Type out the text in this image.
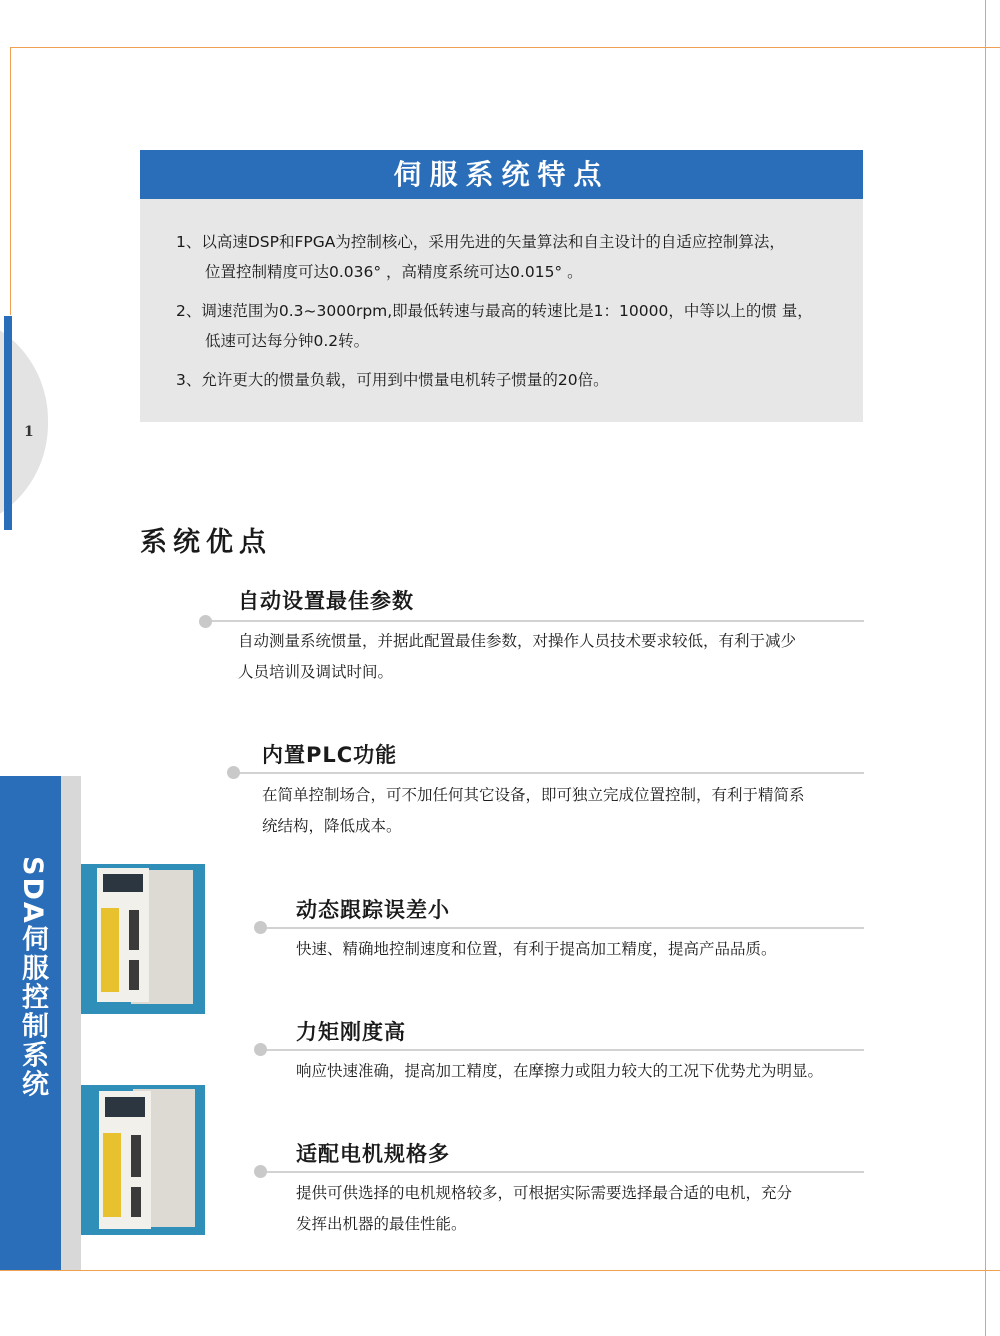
1
SDA伺服控制系统
伺服系统特点
1、以高速DSP和FPGA为控制核心，采用先进的矢量算法和自主设计的自适应控制算法，
位置控制精度可达0.036° ，高精度系统可达0.015° 。
2、调速范围为0.3~3000rpm,即最低转速与最高的转速比是1：10000，中等以上的惯 量，
低速可达每分钟0.2转。
3、允许更大的惯量负载，可用到中惯量电机转子惯量的20倍。
系统优点
自动设置最佳参数
自动测量系统惯量，并据此配置最佳参数，对操作人员技术要求较低，有利于减少
人员培训及调试时间。
内置PLC功能
在简单控制场合，可不加任何其它设备，即可独立完成位置控制，有利于精简系
统结构，降低成本。
动态跟踪误差小
快速、精确地控制速度和位置，有利于提高加工精度，提高产品品质。
力矩刚度高
响应快速准确，提高加工精度，在摩擦力或阻力较大的工况下优势尤为明显。
适配电机规格多
提供可供选择的电机规格较多，可根据实际需要选择最合适的电机，充分
发挥出机器的最佳性能。
